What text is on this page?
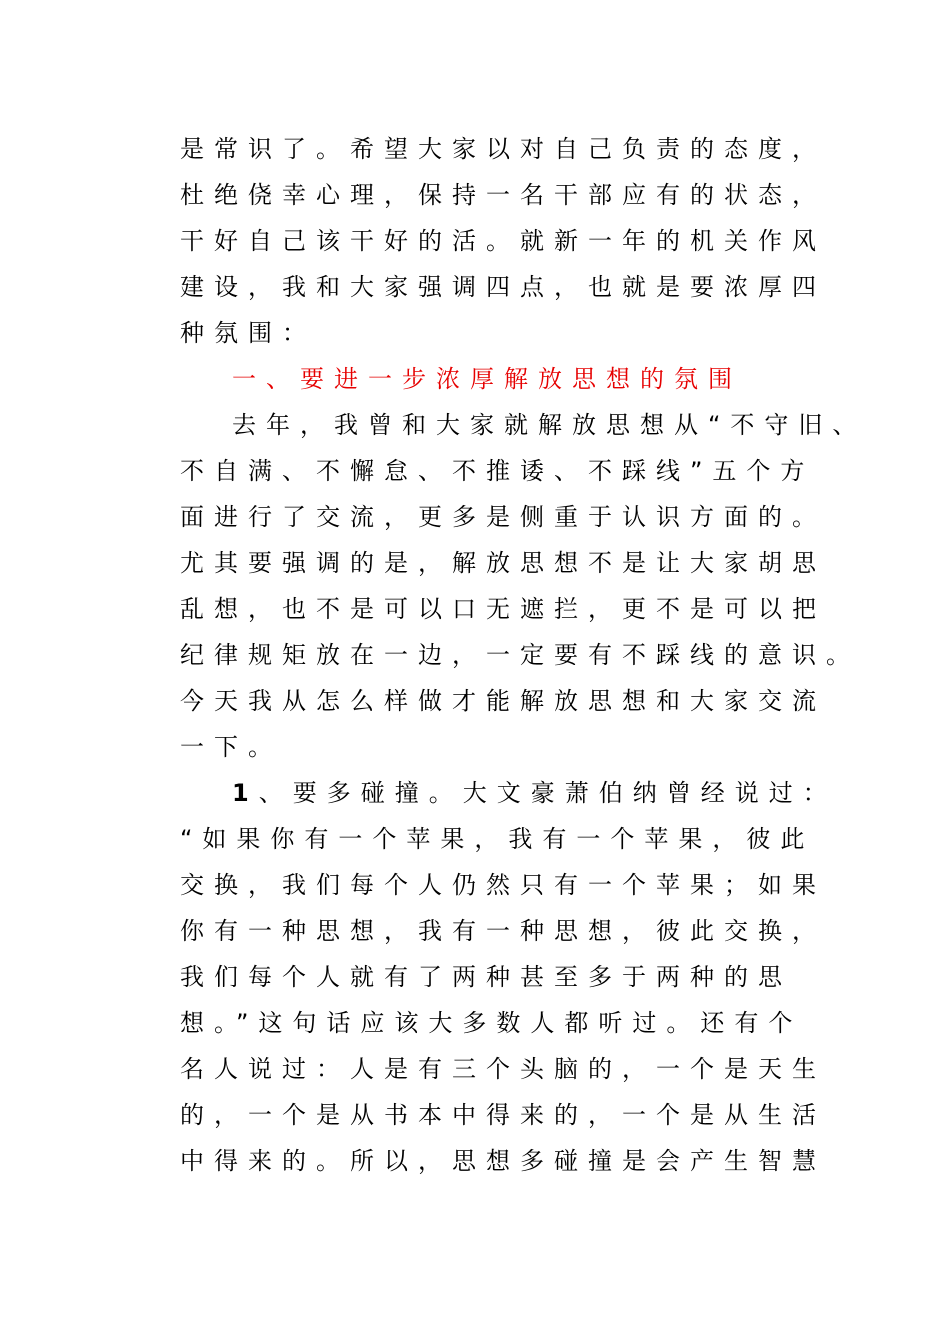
是常识了。希望大家以对自己负责的态度，
杜绝侥幸心理，保持一名干部应有的状态，
干好自己该干好的活。就新一年的机关作风
建设，我和大家强调四点，也就是要浓厚四
种氛围：
一、要进一步浓厚解放思想的氛围
去年，我曾和大家就解放思想从“不守旧、
不自满、不懈怠、不推诿、不踩线”五个方
面进行了交流，更多是侧重于认识方面的。
尤其要强调的是，解放思想不是让大家胡思
乱想，也不是可以口无遮拦，更不是可以把
纪律规矩放在一边，一定要有不踩线的意识。
今天我从怎么样做才能解放思想和大家交流
一下。
1、要多碰撞。大文豪萧伯纳曾经说过：
“如果你有一个苹果，我有一个苹果，彼此
交换，我们每个人仍然只有一个苹果；如果
你有一种思想，我有一种思想，彼此交换，
我们每个人就有了两种甚至多于两种的思
想。”这句话应该大多数人都听过。还有个
名人说过：人是有三个头脑的，一个是天生
的，一个是从书本中得来的，一个是从生活
中得来的。所以，思想多碰撞是会产生智慧
